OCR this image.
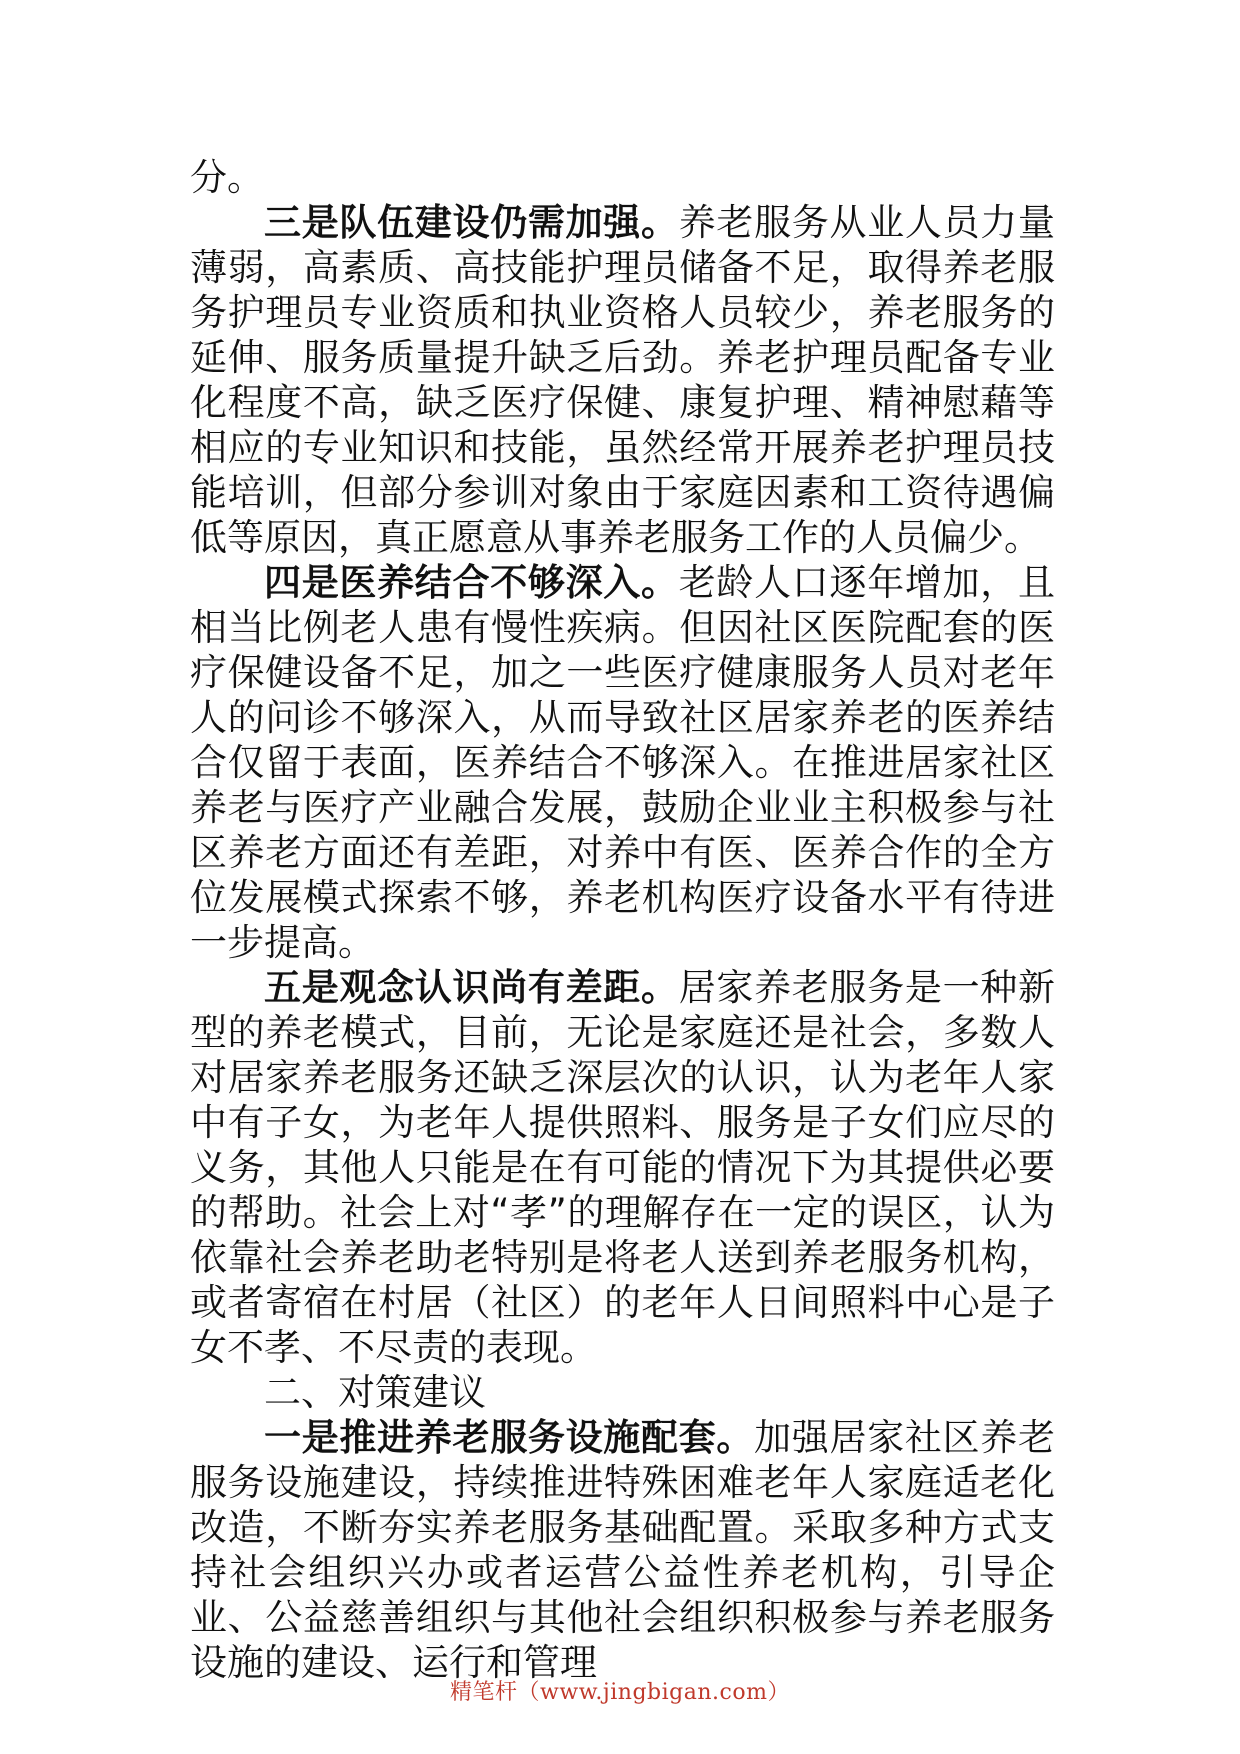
分。

三是队伍建设仍需加强。养老服务从业人员力量薄弱，高素质、高技能护理员储备不足，取得养老服务护理员专业资质和执业资格人员较少，养老服务的延伸、服务质量提升缺乏后劲。养老护理员配备专业化程度不高，缺乏医疗保健、康复护理、精神慰藉等相应的专业知识和技能，虽然经常开展养老护理员技能培训，但部分参训对象由于家庭因素和工资待遇偏低等原因，真正愿意从事养老服务工作的人员偏少。

四是医养结合不够深入。老龄人口逐年增加，且相当比例老人患有慢性疾病。但因社区医院配套的医疗保健设备不足，加之一些医疗健康服务人员对老年人的问诊不够深入，从而导致社区居家养老的医养结合仅留于表面，医养结合不够深入。在推进居家社区养老与医疗产业融合发展，鼓励企业业主积极参与社区养老方面还有差距，对养中有医、医养合作的全方位发展模式探索不够，养老机构医疗设备水平有待进一步提高。

五是观念认识尚有差距。居家养老服务是一种新型的养老模式，目前，无论是家庭还是社会，多数人对居家养老服务还缺乏深层次的认识，认为老年人家中有子女，为老年人提供照料、服务是子女们应尽的义务，其他人只能是在有可能的情况下为其提供必要的帮助。社会上对“孝”的理解存在一定的误区，认为依靠社会养老助老特别是将老人送到养老服务机构，或者寄宿在村居（社区）的老年人日间照料中心是子女不孝、不尽责的表现。

二、对策建议

一是推进养老服务设施配套。加强居家社区养老服务设施建设，持续推进特殊困难老年人家庭适老化改造，不断夯实养老服务基础配置。采取多种方式支持社会组织兴办或者运营公益性养老机构，引导企业、公益慈善组织与其他社会组织积极参与养老服务设施的建设、运行和管理

精笔杆（www.jingbigan.com）
